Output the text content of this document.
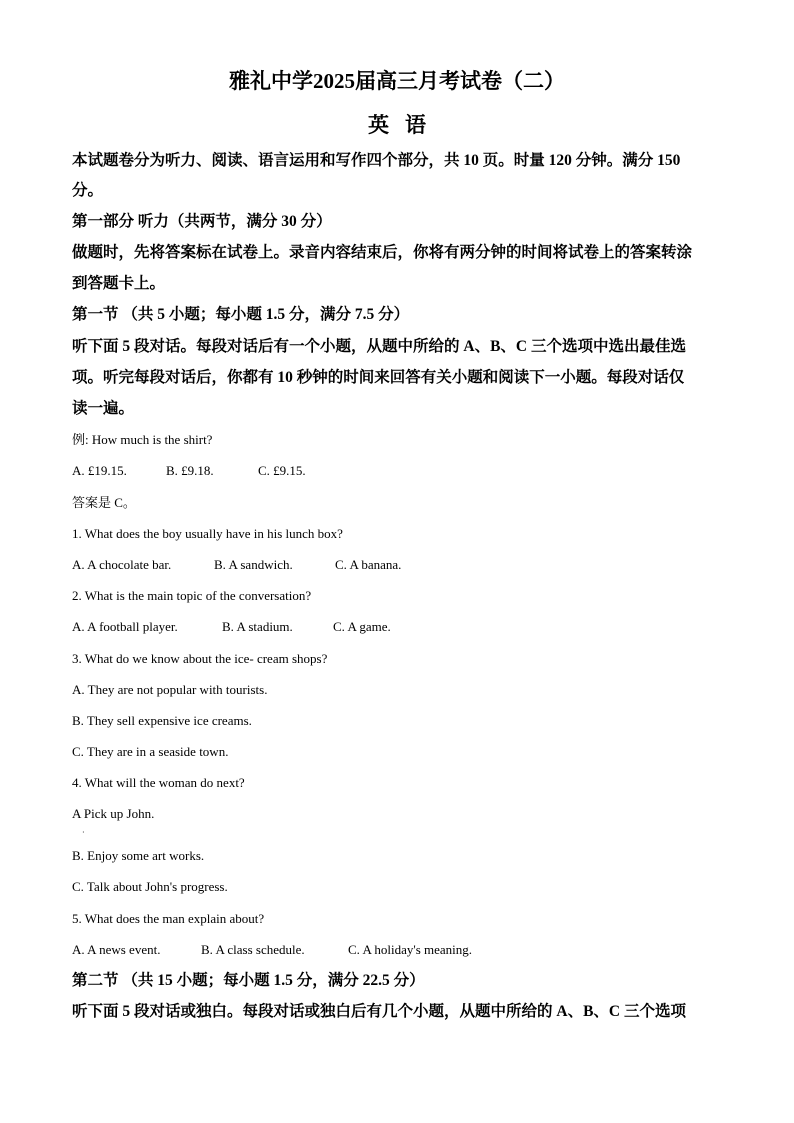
雅礼中学2025届高三月考试卷（二）
英语
本试题卷分为听力、阅读、语言运用和写作四个部分，共 10 页。时量 120 分钟。满分 150
分。
第一部分 听力（共两节，满分 30 分）
做题时，先将答案标在试卷上。录音内容结束后，你将有两分钟的时间将试卷上的答案转涂
到答题卡上。
第一节 （共 5 小题；每小题 1.5 分，满分 7.5 分）
听下面 5 段对话。每段对话后有一个小题，从题中所给的 A、B、C 三个选项中选出最佳选
项。听完每段对话后，你都有 10 秒钟的时间来回答有关小题和阅读下一小题。每段对话仅
读一遍。
例: How much is the shirt?
A. £19.15.	B. £9.18.	C. £9.15.
答案是 C。
1. What does the boy usually have in his lunch box?
A. A chocolate bar.	B. A sandwich.	C. A banana.
2. What is the main topic of the conversation?
A. A football player.	B. A stadium.	C. A game.
3. What do we know about the ice- cream shops?
A. They are not popular with tourists.
B. They sell expensive ice creams.
C. They are in a seaside town.
4. What will the woman do next?
A Pick up John.
·
B. Enjoy some art works.
C. Talk about John's progress.
5. What does the man explain about?
A. A news event.	B. A class schedule.	C. A holiday's meaning.
第二节 （共 15 小题；每小题 1.5 分，满分 22.5 分）
听下面 5 段对话或独白。每段对话或独白后有几个小题，从题中所给的 A、B、C 三个选项
